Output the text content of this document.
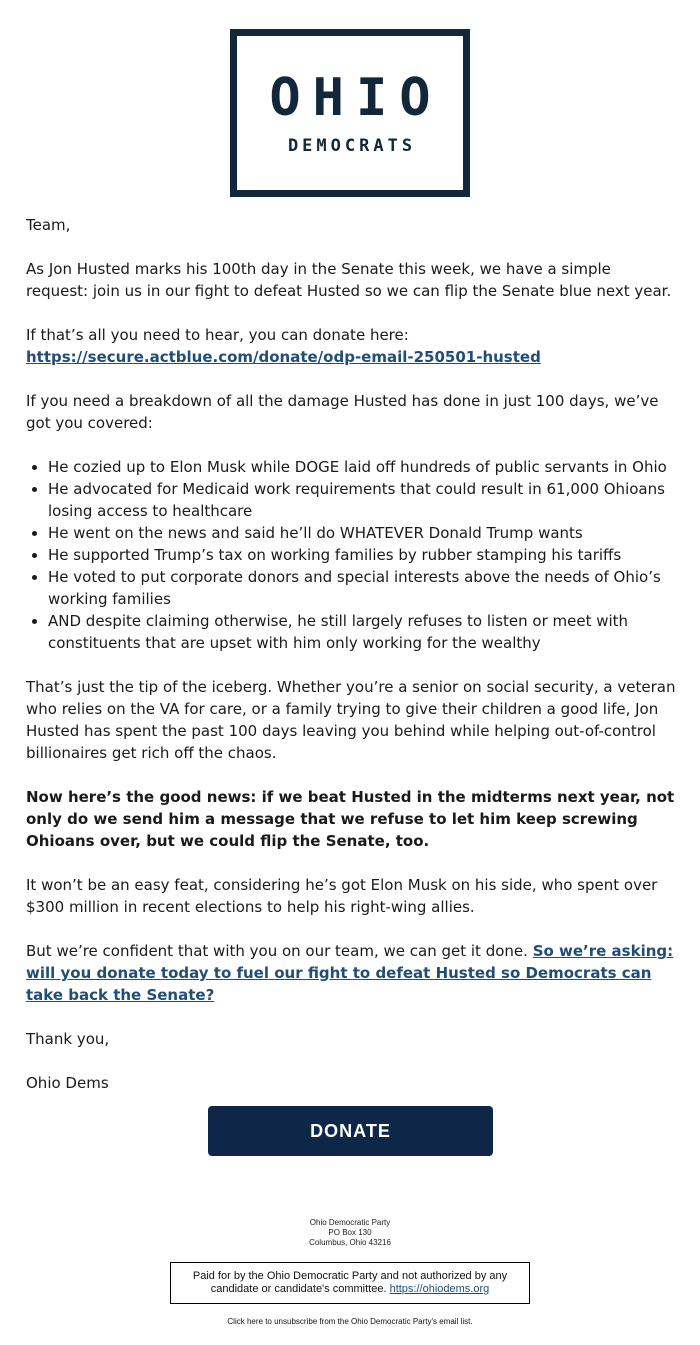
OHIO
DEMOCRATS

Team,

As Jon Husted marks his 100th day in the Senate this week, we have a simple request: join us in our fight to defeat Husted so we can flip the Senate blue next year.

If that’s all you need to hear, you can donate here:
https://secure.actblue.com/donate/odp-email-250501-husted

If you need a breakdown of all the damage Husted has done in just 100 days, we’ve got you covered:

• He cozied up to Elon Musk while DOGE laid off hundreds of public servants in Ohio
• He advocated for Medicaid work requirements that could result in 61,000 Ohioans losing access to healthcare
• He went on the news and said he’ll do WHATEVER Donald Trump wants
• He supported Trump’s tax on working families by rubber stamping his tariffs
• He voted to put corporate donors and special interests above the needs of Ohio’s working families
• AND despite claiming otherwise, he still largely refuses to listen or meet with constituents that are upset with him only working for the wealthy

That’s just the tip of the iceberg. Whether you’re a senior on social security, a veteran who relies on the VA for care, or a family trying to give their children a good life, Jon Husted has spent the past 100 days leaving you behind while helping out-of-control billionaires get rich off the chaos.

Now here’s the good news: if we beat Husted in the midterms next year, not only do we send him a message that we refuse to let him keep screwing Ohioans over, but we could flip the Senate, too.

It won’t be an easy feat, considering he’s got Elon Musk on his side, who spent over $300 million in recent elections to help his right-wing allies.

But we’re confident that with you on our team, we can get it done. So we’re asking: will you donate today to fuel our fight to defeat Husted so Democrats can take back the Senate?

Thank you,

Ohio Dems

DONATE
Ohio Democratic Party
PO Box 130
Columbus, Ohio 43216
Paid for by the Ohio Democratic Party and not authorized by any candidate or candidate's committee. https://ohiodems.org
Click here to unsubscribe from the Ohio Democratic Party's email list.
